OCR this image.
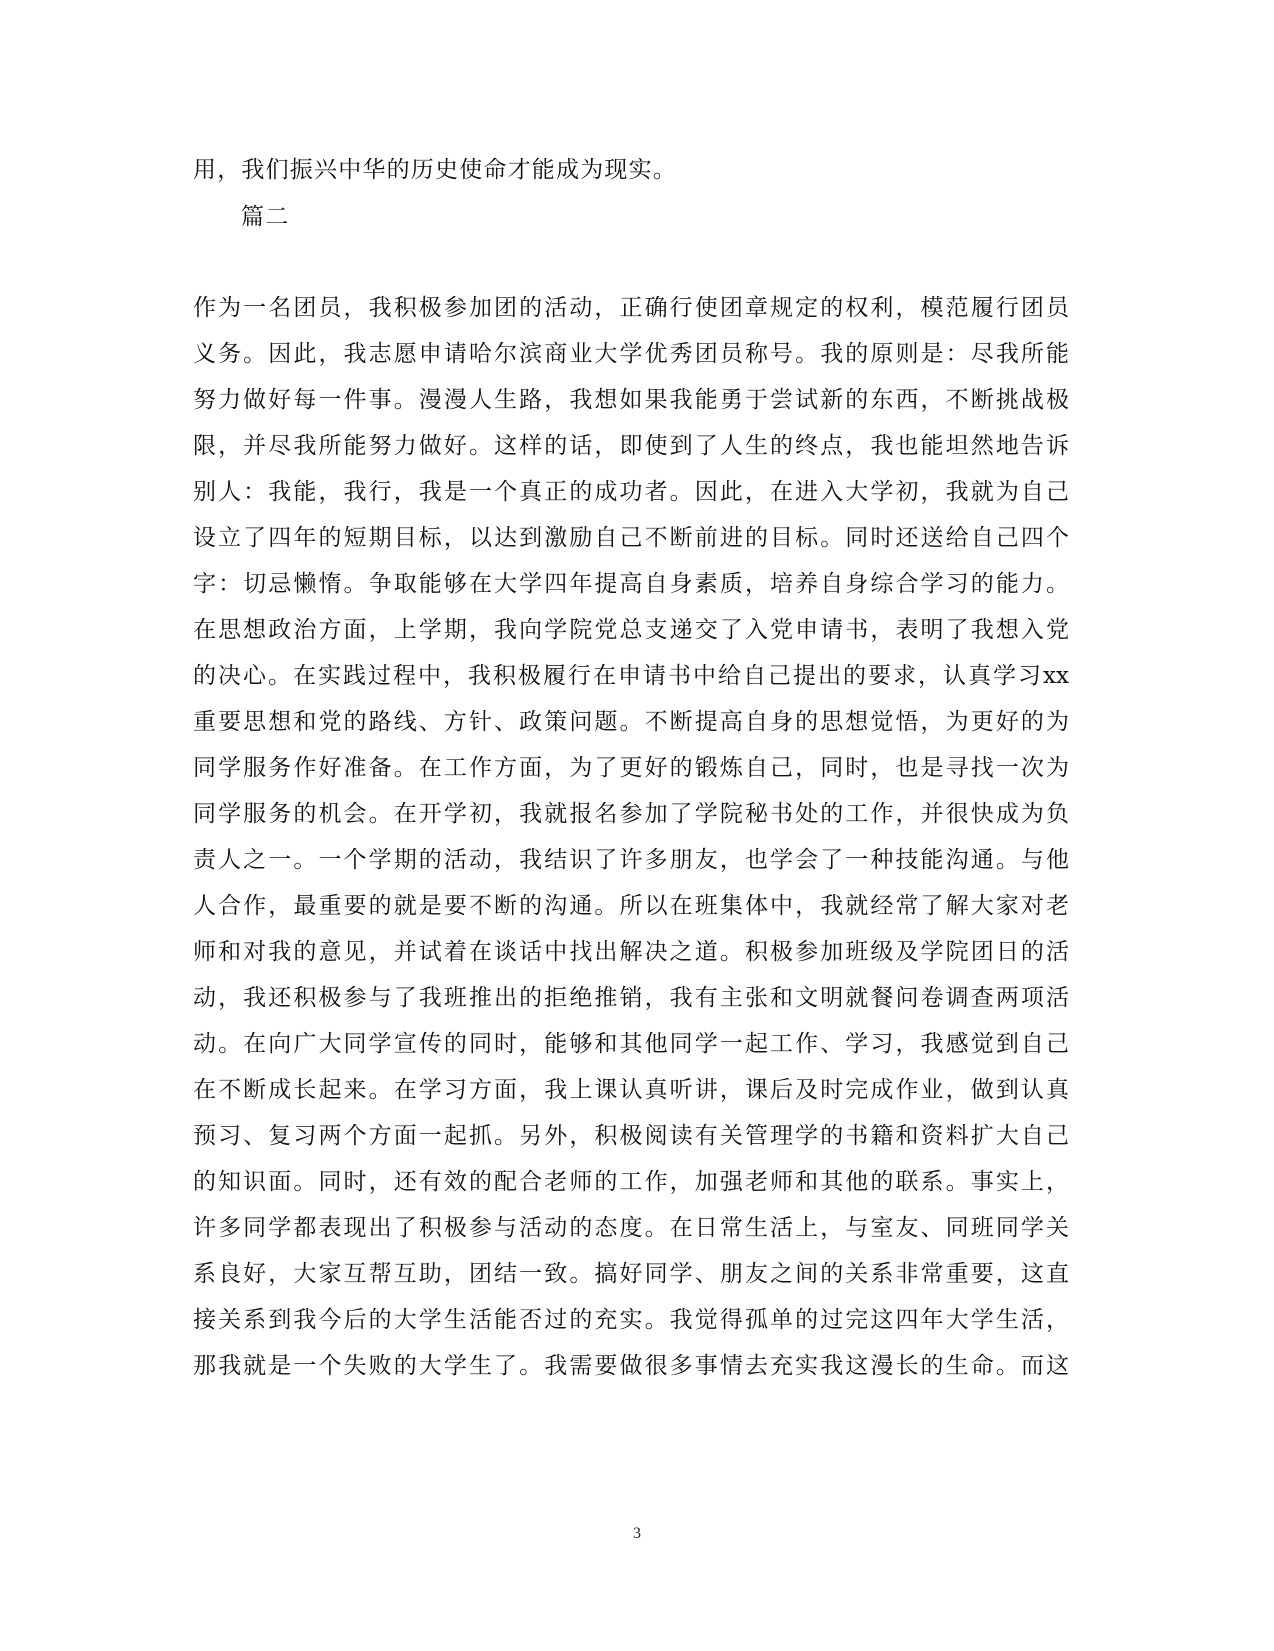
用，我们振兴中华的历史使命才能成为现实。
篇二
作为一名团员，我积极参加团的活动，正确行使团章规定的权利，模范履行团员
义务。因此，我志愿申请哈尔滨商业大学优秀团员称号。我的原则是：尽我所能
努力做好每一件事。漫漫人生路，我想如果我能勇于尝试新的东西，不断挑战极
限，并尽我所能努力做好。这样的话，即使到了人生的终点，我也能坦然地告诉
别人：我能，我行，我是一个真正的成功者。因此，在进入大学初，我就为自己
设立了四年的短期目标，以达到激励自己不断前进的目标。同时还送给自己四个
字：切忌懒惰。争取能够在大学四年提高自身素质，培养自身综合学习的能力。
在思想政治方面，上学期，我向学院党总支递交了入党申请书，表明了我想入党
的决心。在实践过程中，我积极履行在申请书中给自己提出的要求，认真学习xx
重要思想和党的路线、方针、政策问题。不断提高自身的思想觉悟，为更好的为
同学服务作好准备。在工作方面，为了更好的锻炼自己，同时，也是寻找一次为
同学服务的机会。在开学初，我就报名参加了学院秘书处的工作，并很快成为负
责人之一。一个学期的活动，我结识了许多朋友，也学会了一种技能沟通。与他
人合作，最重要的就是要不断的沟通。所以在班集体中，我就经常了解大家对老
师和对我的意见，并试着在谈话中找出解决之道。积极参加班级及学院团日的活
动，我还积极参与了我班推出的拒绝推销，我有主张和文明就餐问卷调查两项活
动。在向广大同学宣传的同时，能够和其他同学一起工作、学习，我感觉到自己
在不断成长起来。在学习方面，我上课认真听讲，课后及时完成作业，做到认真
预习、复习两个方面一起抓。另外，积极阅读有关管理学的书籍和资料扩大自己
的知识面。同时，还有效的配合老师的工作，加强老师和其他的联系。事实上，
许多同学都表现出了积极参与活动的态度。在日常生活上，与室友、同班同学关
系良好，大家互帮互助，团结一致。搞好同学、朋友之间的关系非常重要，这直
接关系到我今后的大学生活能否过的充实。我觉得孤单的过完这四年大学生活，
那我就是一个失败的大学生了。我需要做很多事情去充实我这漫长的生命。而这
3
